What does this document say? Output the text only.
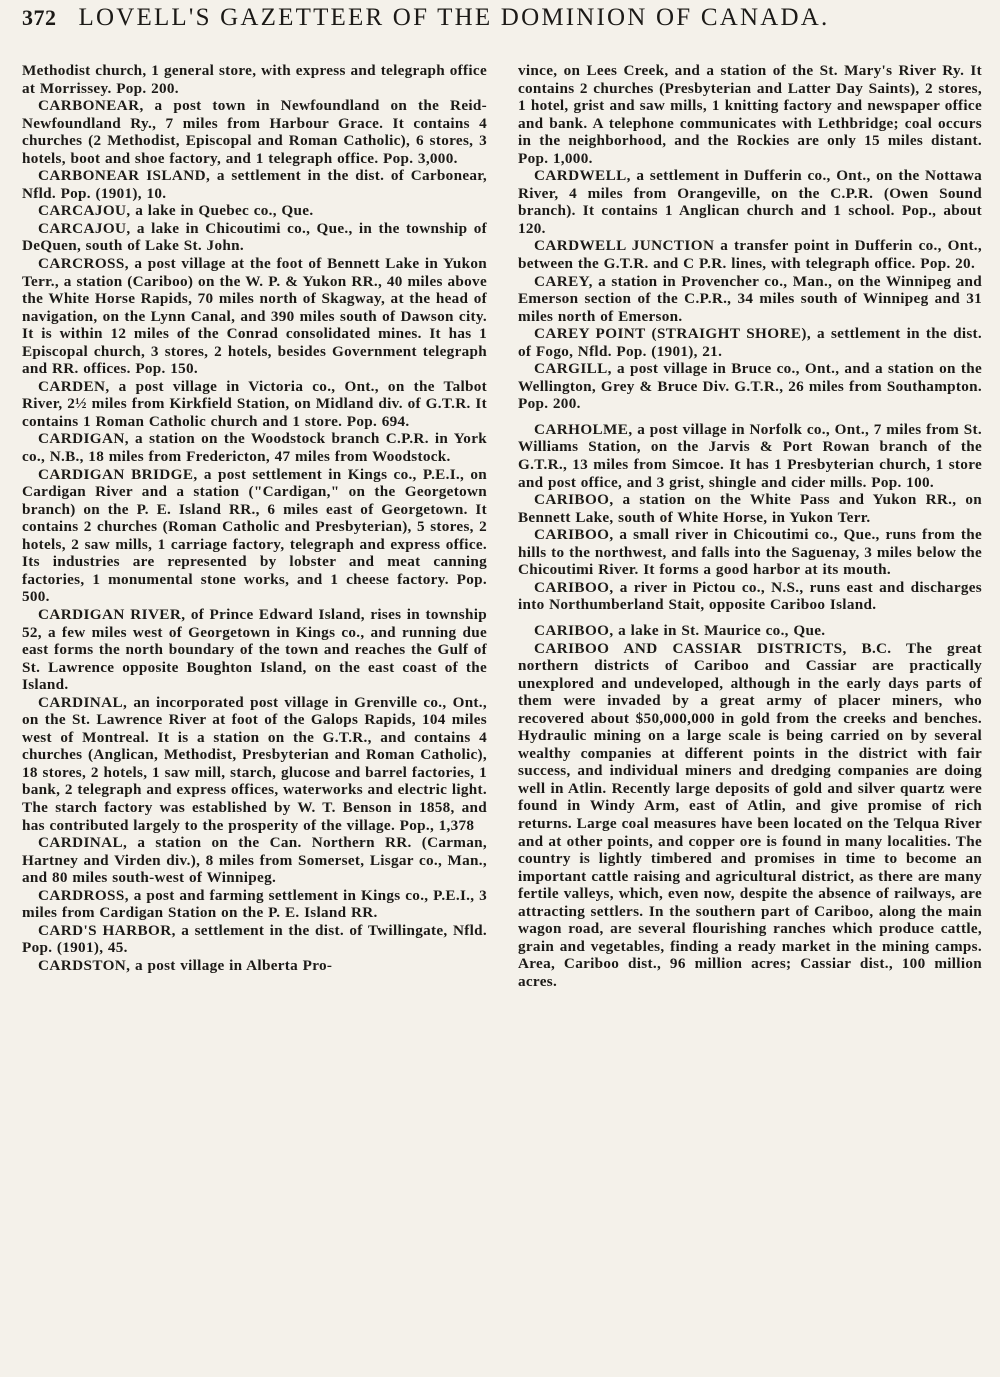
372 LOVELL'S GAZETTEER OF THE DOMINION OF CANADA.

Methodist church, 1 general store, with express and telegraph office at Morrissey. Pop. 200.

CARBONEAR, a post town in Newfoundland on the Reid-Newfoundland Ry., 7 miles from Harbour Grace. It contains 4 churches (2 Methodist, Episcopal and Roman Catholic), 6 stores, 3 hotels, boot and shoe factory, and 1 telegraph office. Pop. 3,000.

CARBONEAR ISLAND, a settlement in the dist. of Carbonear, Nfld. Pop. (1901), 10.

CARCAJOU, a lake in Quebec co., Que.

CARCAJOU, a lake in Chicoutimi co., Que., in the township of DeQuen, south of Lake St. John.

CARCROSS, a post village at the foot of Bennett Lake in Yukon Terr., a station (Cariboo) on the W. P. & Yukon RR., 40 miles above the White Horse Rapids, 70 miles north of Skagway, at the head of navigation, on the Lynn Canal, and 390 miles south of Dawson city. It is within 12 miles of the Conrad consolidated mines. It has 1 Episcopal church, 3 stores, 2 hotels, besides Government telegraph and RR. offices. Pop. 150.

CARDEN, a post village in Victoria co., Ont., on the Talbot River, 2½ miles from Kirkfield Station, on Midland div. of G.T.R. It contains 1 Roman Catholic church and 1 store. Pop. 694.

CARDIGAN, a station on the Woodstock branch C.P.R. in York co., N.B., 18 miles from Fredericton, 47 miles from Woodstock.

CARDIGAN BRIDGE, a post settlement in Kings co., P.E.I., on Cardigan River and a station ("Cardigan," on the Georgetown branch) on the P. E. Island RR., 6 miles east of Georgetown. It contains 2 churches (Roman Catholic and Presbyterian), 5 stores, 2 hotels, 2 saw mills, 1 carriage factory, telegraph and express office. Its industries are represented by lobster and meat canning factories, 1 monumental stone works, and 1 cheese factory. Pop. 500.

CARDIGAN RIVER, of Prince Edward Island, rises in township 52, a few miles west of Georgetown in Kings co., and running due east forms the north boundary of the town and reaches the Gulf of St. Lawrence opposite Boughton Island, on the east coast of the Island.

CARDINAL, an incorporated post village in Grenville co., Ont., on the St. Lawrence River at foot of the Galops Rapids, 104 miles west of Montreal. It is a station on the G.T.R., and contains 4 churches (Anglican, Methodist, Presbyterian and Roman Catholic), 18 stores, 2 hotels, 1 saw mill, starch, glucose and barrel factories, 1 bank, 2 telegraph and express offices, waterworks and electric light. The starch factory was established by W. T. Benson in 1858, and has contributed largely to the prosperity of the village. Pop., 1,378

CARDINAL, a station on the Can. Northern RR. (Carman, Hartney and Virden div.), 8 miles from Somerset, Lisgar co., Man., and 80 miles south-west of Winnipeg.

CARDROSS, a post and farming settlement in Kings co., P.E.I., 3 miles from Cardigan Station on the P. E. Island RR.

CARD'S HARBOR, a settlement in the dist. of Twillingate, Nfld. Pop. (1901), 45.

CARDSTON, a post village in Alberta Pro-

vince, on Lees Creek, and a station of the St. Mary's River Ry. It contains 2 churches (Presbyterian and Latter Day Saints), 2 stores, 1 hotel, grist and saw mills, 1 knitting factory and newspaper office and bank. A telephone communicates with Lethbridge; coal occurs in the neighborhood, and the Rockies are only 15 miles distant. Pop. 1,000.

CARDWELL, a settlement in Dufferin co., Ont., on the Nottawa River, 4 miles from Orangeville, on the C.P.R. (Owen Sound branch). It contains 1 Anglican church and 1 school. Pop., about 120.

CARDWELL JUNCTION a transfer point in Dufferin co., Ont., between the G.T.R. and C P.R. lines, with telegraph office. Pop. 20.

CAREY, a station in Provencher co., Man., on the Winnipeg and Emerson section of the C.P.R., 34 miles south of Winnipeg and 31 miles north of Emerson.

CAREY POINT (STRAIGHT SHORE), a settlement in the dist. of Fogo, Nfld. Pop. (1901), 21.

CARGILL, a post village in Bruce co., Ont., and a station on the Wellington, Grey & Bruce Div. G.T.R., 26 miles from Southampton. Pop. 200.

CARHOLME, a post village in Norfolk co., Ont., 7 miles from St. Williams Station, on the Jarvis & Port Rowan branch of the G.T.R., 13 miles from Simcoe. It has 1 Presbyterian church, 1 store and post office, and 3 grist, shingle and cider mills. Pop. 100.

CARIBOO, a station on the White Pass and Yukon RR., on Bennett Lake, south of White Horse, in Yukon Terr.

CARIBOO, a small river in Chicoutimi co., Que., runs from the hills to the northwest, and falls into the Saguenay, 3 miles below the Chicoutimi River. It forms a good harbor at its mouth.

CARIBOO, a river in Pictou co., N.S., runs east and discharges into Northumberland Stait, opposite Cariboo Island.

CARIBOO, a lake in St. Maurice co., Que.

CARIBOO AND CASSIAR DISTRICTS, B.C. The great northern districts of Cariboo and Cassiar are practically unexplored and undeveloped, although in the early days parts of them were invaded by a great army of placer miners, who recovered about $50,000,000 in gold from the creeks and benches. Hydraulic mining on a large scale is being carried on by several wealthy companies at different points in the district with fair success, and individual miners and dredging companies are doing well in Atlin. Recently large deposits of gold and silver quartz were found in Windy Arm, east of Atlin, and give promise of rich returns. Large coal measures have been located on the Telqua River and at other points, and copper ore is found in many localities. The country is lightly timbered and promises in time to become an important cattle raising and agricultural district, as there are many fertile valleys, which, even now, despite the absence of railways, are attracting settlers. In the southern part of Cariboo, along the main wagon road, are several flourishing ranches which produce cattle, grain and vegetables, finding a ready market in the mining camps. Area, Cariboo dist., 96 million acres; Cassiar dist., 100 million acres.
